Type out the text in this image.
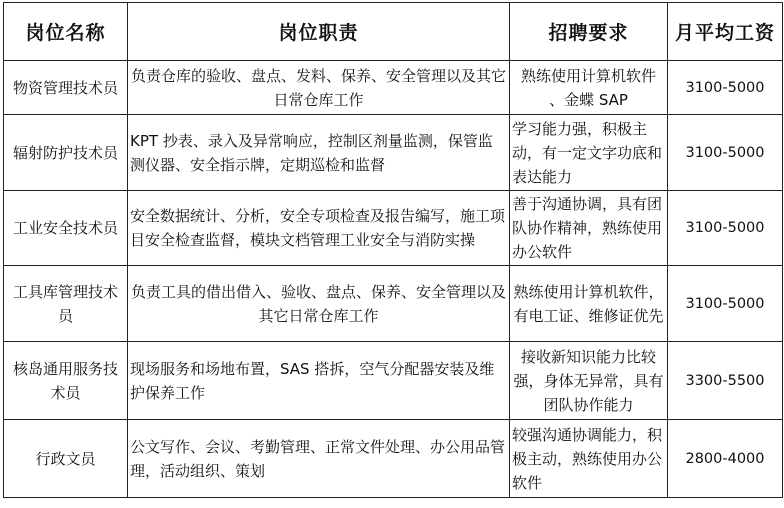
岗位名称	岗位职责	招聘要求	月平均工资
物资管理技术员	负责仓库的验收、盘点、发料、保养、安全管理以及其它日常仓库工作	熟练使用计算机软件 、金蝶 SAP	3100-5000
辐射防护技术员	KPT 抄表、录入及异常响应，控制区剂量监测，保管监测仪器、安全指示牌，定期巡检和监督	学习能力强，积极主动，有一定文字功底和表达能力	3100-5000
工业安全技术员	安全数据统计、分析，安全专项检查及报告编写，施工项目安全检查监督，模块文档管理工业安全与消防实操	善于沟通协调，具有团队协作精神，熟练使用办公软件	3100-5000
工具库管理技术员	负责工具的借出借入、验收、盘点、保养、安全管理以及其它日常仓库工作	熟练使用计算机软件，有电工证、维修证优先	3100-5000
核岛通用服务技术员	现场服务和场地布置，SAS 搭拆，空气分配器安装及维护保养工作	接收新知识能力比较强，身体无异常，具有团队协作能力	3300-5500
行政文员	公文写作、会议、考勤管理、正常文件处理、办公用品管理，活动组织、策划	较强沟通协调能力，积极主动，熟练使用办公软件	2800-4000
